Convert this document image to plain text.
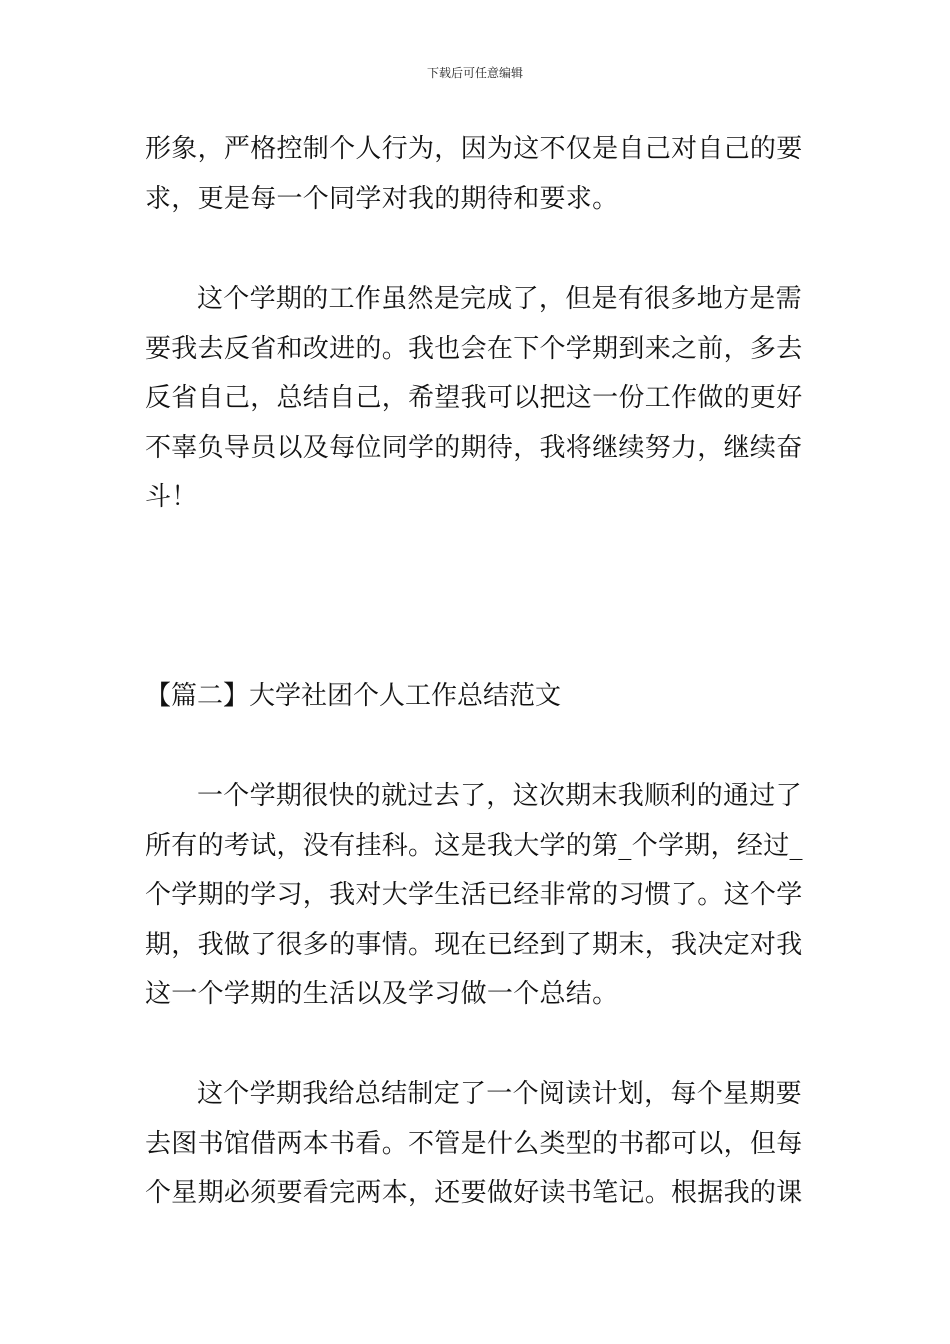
下载后可任意编辑

形象，严格控制个人行为，因为这不仅是自己对自己的要求，更是每一个同学对我的期待和要求。

这个学期的工作虽然是完成了，但是有很多地方是需要我去反省和改进的。我也会在下个学期到来之前，多去反省自己，总结自己，希望我可以把这一份工作做的更好不辜负导员以及每位同学的期待，我将继续努力，继续奋斗！

【篇二】大学社团个人工作总结范文

一个学期很快的就过去了，这次期末我顺利的通过了所有的考试，没有挂科。这是我大学的第_个学期，经过_个学期的学习，我对大学生活已经非常的习惯了。这个学期，我做了很多的事情。现在已经到了期末，我决定对我这一个学期的生活以及学习做一个总结。

这个学期我给总结制定了一个阅读计划，每个星期要去图书馆借两本书看。不管是什么类型的书都可以，但每个星期必须要看完两本，还要做好读书笔记。根据我的课
